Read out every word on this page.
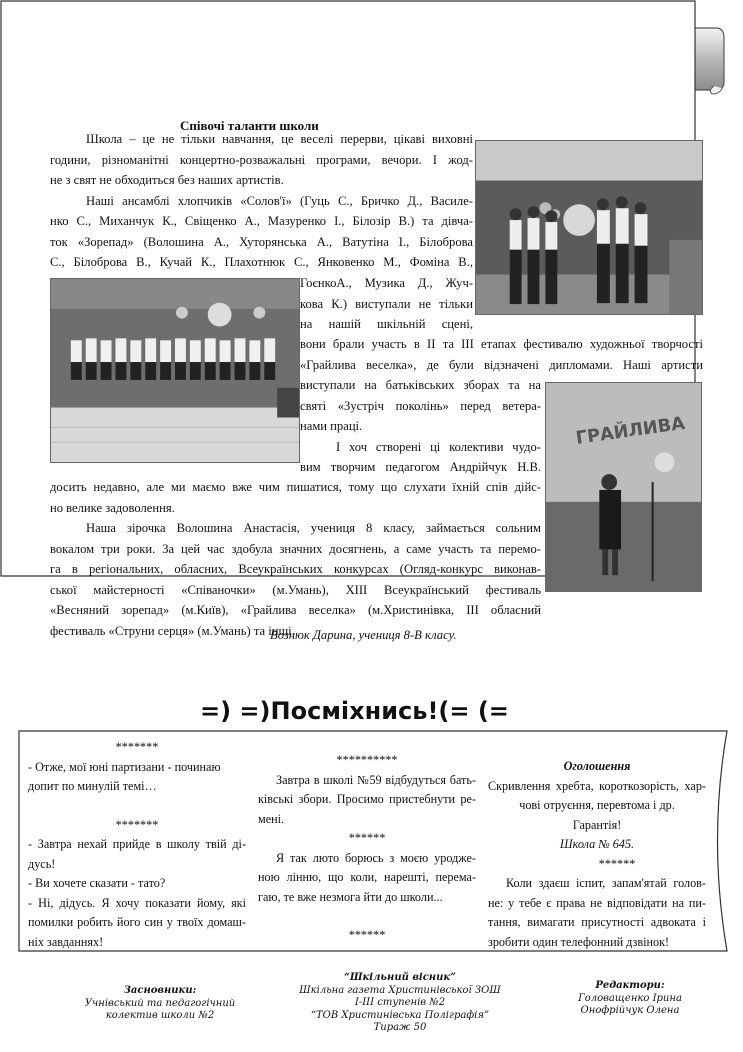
Співочі таланти школи
ГРАЙЛИВА
Школа – це не тільки навчання, це веселі перерви, цікаві виховні
години, різноманітні концертно-розважальні програми, вечори. І жод-
не з свят не обходиться без наших артистів.
Наші ансамблі хлопчиків «Солов'ї» (Гуць С., Бричко Д., Василе-
нко С., Миханчук К., Свіщенко А., Мазуренко І., Білозір В.) та дівча-
ток «Зорепад» (Волошина А., Хуторянська А., Ватутіна І., Білоброва
С., Білоброва В., Кучай К., Плахотнюк С., Янковенко М., Фоміна В.,
ГоєнкоА., Музика Д., Жуч-
кова К.) виступали не тільки
на нашій шкільній сцені,
вони брали участь в ІІ та ІІІ етапах фестивалю художньої творчості
«Грайлива веселка», де були відзначені дипломами. Наші артисти
виступали на батьківських зборах та на
святі «Зустріч поколінь» перед ветера-
нами праці.
І хоч створені ці колективи чудо-
вим творчим педагогом Андрійчук Н.В.
досить недавно, але ми маємо вже чим пишатися, тому що слухати їхній спів дійс-
но велике задоволення.
Наша зірочка Волошина Анастасія, учениця 8 класу, займається сольним
вокалом три роки. За цей час здобула значних досягнень, а саме участь та перемо-
га в регіональних, обласних, Всеукраїнських конкурсах (Огляд-конкурс виконав-
ської майстерності «Співаночки» (м.Умань), ХІІІ Всеукраїнський фестиваль
«Весняний зорепад» (м.Київ), «Грайлива веселка» (м.Христинівка, ІІІ обласний
фестиваль «Струни серця» (м.Умань) та інші.
Вознюк Дарина, учениця 8-В класу.
=) =)Посміхнись!(= (=
*******
- Отже, мої юні партизани - починаю
допит по минулій темі…
*******
- Завтра нехай прийде в школу твій ді-
дусь!
- Ви хочете сказати - тато?
- Ні, дідусь. Я хочу показати йому, які
помилки робить його син у твоїх домаш-
ніх завданнях!
**********
Завтра в школі №59 відбудуться бать-
ківські збори. Просимо пристебнути ре-
мені.
******
Я так люто борюсь з моєю уродже-
ною лінню, що коли, нарешті, перема-
гаю, те вже незмога йти до школи...
******
Оголошення
Скривлення хребта, короткозорість, хар-
чові отруєння, перевтома і др.
Гарантія!
Школа № 645.
******
Коли здаєш іспит, запам'ятай голов-
не: у тебе є права не відповідати на пи-
тання, вимагати присутності адвоката і
зробити один телефонний дзвінок!
Засновники:
Учнівський та педагогічний
колектив школи №2
“Шкільний вісник”
Шкільна газета Христинівської ЗОШ
І-ІІІ ступенів №2
“ТОВ Христинівська Поліграфія”
Тираж 50
Редактори:
Головащенко Ірина
Онофрійчук Олена
